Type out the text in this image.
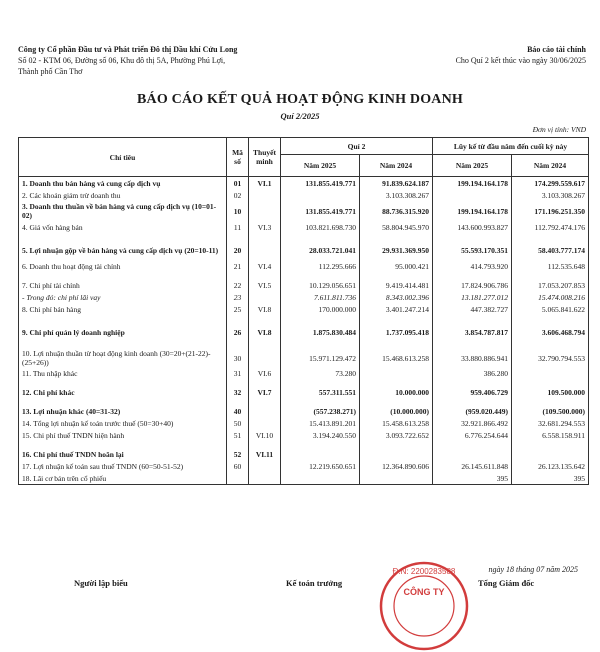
Công ty Cổ phần Đầu tư và Phát triển Đô thị Dầu khí Cửu Long
Số 02 - KTM 06, Đường số 06, Khu đô thị 5A, Phường Phú Lợi,
Thành phố Cần Thơ
Báo cáo tài chính
Cho Quí 2 kết thúc vào ngày 30/06/2025
BÁO CÁO KẾT QUẢ HOẠT ĐỘNG KINH DOANH
Quí 2/2025
Đơn vị tính: VND
Chỉ tiêu	Mã số	Thuyết minh	Quí 2		Lũy kế từ đầu năm đến cuối kỳ này	
			Năm 2025	Năm 2024	Năm 2025	Năm 2024
1. Doanh thu bán hàng và cung cấp dịch vụ	01	VI.1	131.855.419.771	91.839.624.187	199.194.164.178	174.299.559.617
2. Các khoản giảm trừ doanh thu	02			3.103.308.267		3.103.308.267
3. Doanh thu thuần về bán hàng và cung cấp dịch vụ (10=01-02)	10		131.855.419.771	88.736.315.920	199.194.164.178	171.196.251.350
4. Giá vốn hàng bán	11	VI.3	103.821.698.730	58.804.945.970	143.600.993.827	112.792.474.176

5. Lợi nhuận gộp về bán hàng và cung cấp dịch vụ (20=10-11)	20		28.033.721.041	29.931.369.950	55.593.170.351	58.403.777.174
6. Doanh thu hoạt động tài chính	21	VI.4	112.295.666	95.000.421	414.793.920	112.535.648

7. Chi phí tài chính	22	VI.5	10.129.056.651	9.419.414.481	17.824.906.786	17.053.207.853
- Trong đó: chi phí lãi vay	23		7.611.811.736	8.343.002.396	13.181.277.012	15.474.008.216
8. Chi phí bán hàng	25	VI.8	170.000.000	3.401.247.214	447.382.727	5.065.841.622

9. Chi phí quản lý doanh nghiệp	26	VI.8	1.875.830.484	1.737.095.418	3.854.787.817	3.606.468.794

10. Lợi nhuận thuần từ hoạt động kinh doanh (30=20+(21-22)-(25+26))	30		15.971.129.472	15.468.613.258	33.880.886.941	32.790.794.553
11. Thu nhập khác	31	VI.6	73.280		386.280	

12. Chi phí khác	32	VI.7	557.311.551	10.000.000	959.406.729	109.500.000

13. Lợi nhuận khác (40=31-32)	40		(557.238.271)	(10.000.000)	(959.020.449)	(109.500.000)
14. Tổng lợi nhuận kế toán trước thuế (50=30+40)	50		15.413.891.201	15.458.613.258	32.921.866.492	32.681.294.553
15. Chi phí thuế TNDN hiện hành	51	VI.10	3.194.240.550	3.093.722.652	6.776.254.644	6.558.158.911

16. Chi phí thuế TNDN hoãn lại	52	VI.11				
17. Lợi nhuận kế toán sau thuế TNDN (60=50-51-52)	60		12.219.650.651	12.364.890.606	26.145.611.848	26.123.135.642
18. Lãi cơ bản trên cổ phiếu					395	395
ngày 18 tháng 07 năm 2025
Người lập biểu	Kế toán trưởng	Tổng Giám đốc
Đ.N: 2200283588
CÔNG TY
